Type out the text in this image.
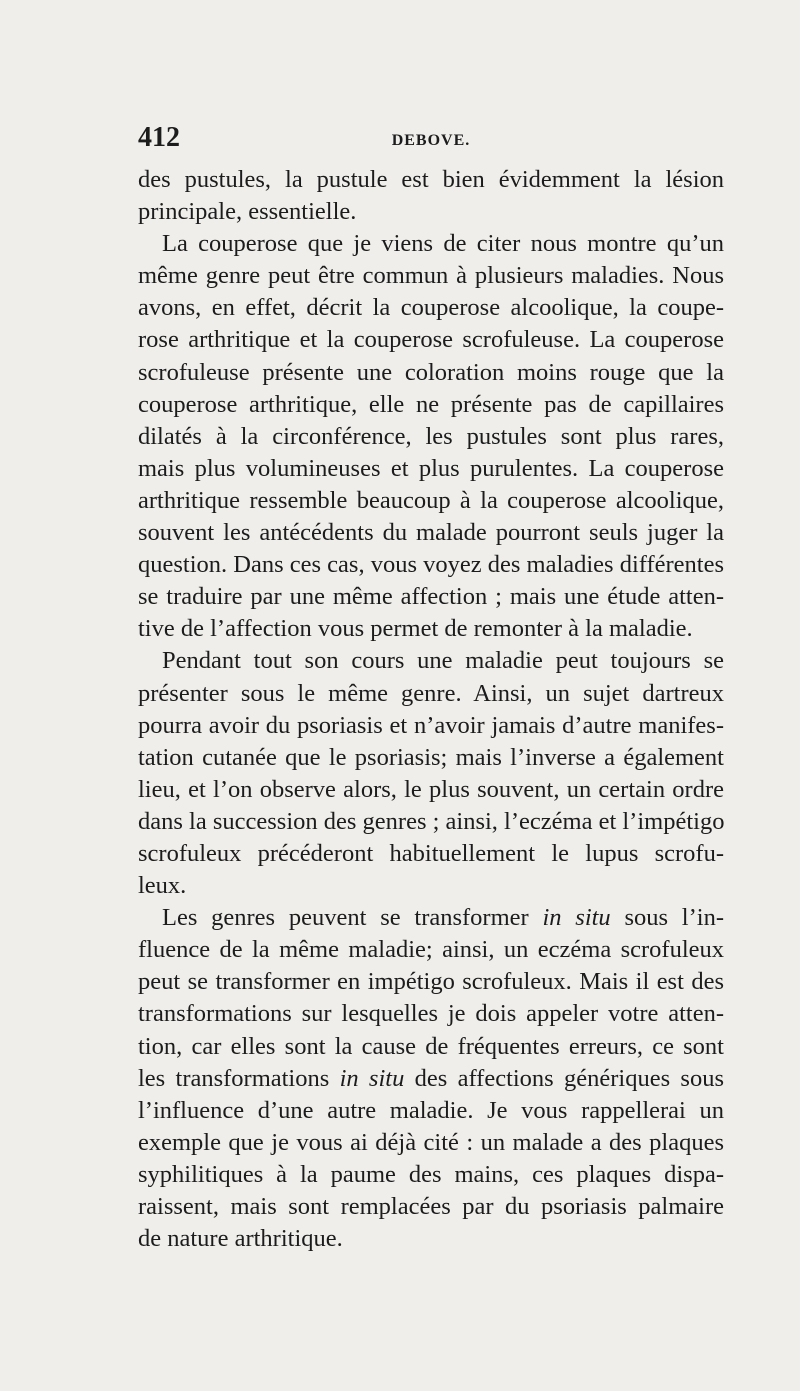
412	DEBOVE.
des pustules, la pustule est bien évidemment la lésion
principale, essentielle.
La couperose que je viens de citer nous montre qu’un
même genre peut être commun à plusieurs maladies. Nous
avons, en effet, décrit la couperose alcoolique, la coupe-
rose arthritique et la couperose scrofuleuse. La couperose
scrofuleuse présente une coloration moins rouge que la
couperose arthritique, elle ne présente pas de capillaires
dilatés à la circonférence, les pustules sont plus rares,
mais plus volumineuses et plus purulentes. La couperose
arthritique ressemble beaucoup à la couperose alcoolique,
souvent les antécédents du malade pourront seuls juger la
question. Dans ces cas, vous voyez des maladies différentes
se traduire par une même affection ; mais une étude atten-
tive de l’affection vous permet de remonter à la maladie.
Pendant tout son cours une maladie peut toujours se
présenter sous le même genre. Ainsi, un sujet dartreux
pourra avoir du psoriasis et n’avoir jamais d’autre manifes-
tation cutanée que le psoriasis; mais l’inverse a également
lieu, et l’on observe alors, le plus souvent, un certain ordre
dans la succession des genres ; ainsi, l’eczéma et l’impétigo
scrofuleux précéderont habituellement le lupus scrofu-
leux.
Les genres peuvent se transformer in situ sous l’in-
fluence de la même maladie; ainsi, un eczéma scrofuleux
peut se transformer en impétigo scrofuleux. Mais il est des
transformations sur lesquelles je dois appeler votre atten-
tion, car elles sont la cause de fréquentes erreurs, ce sont
les transformations in situ des affections génériques sous
l’influence d’une autre maladie. Je vous rappellerai un
exemple que je vous ai déjà cité : un malade a des plaques
syphilitiques à la paume des mains, ces plaques dispa-
raissent, mais sont remplacées par du psoriasis palmaire
de nature arthritique.
